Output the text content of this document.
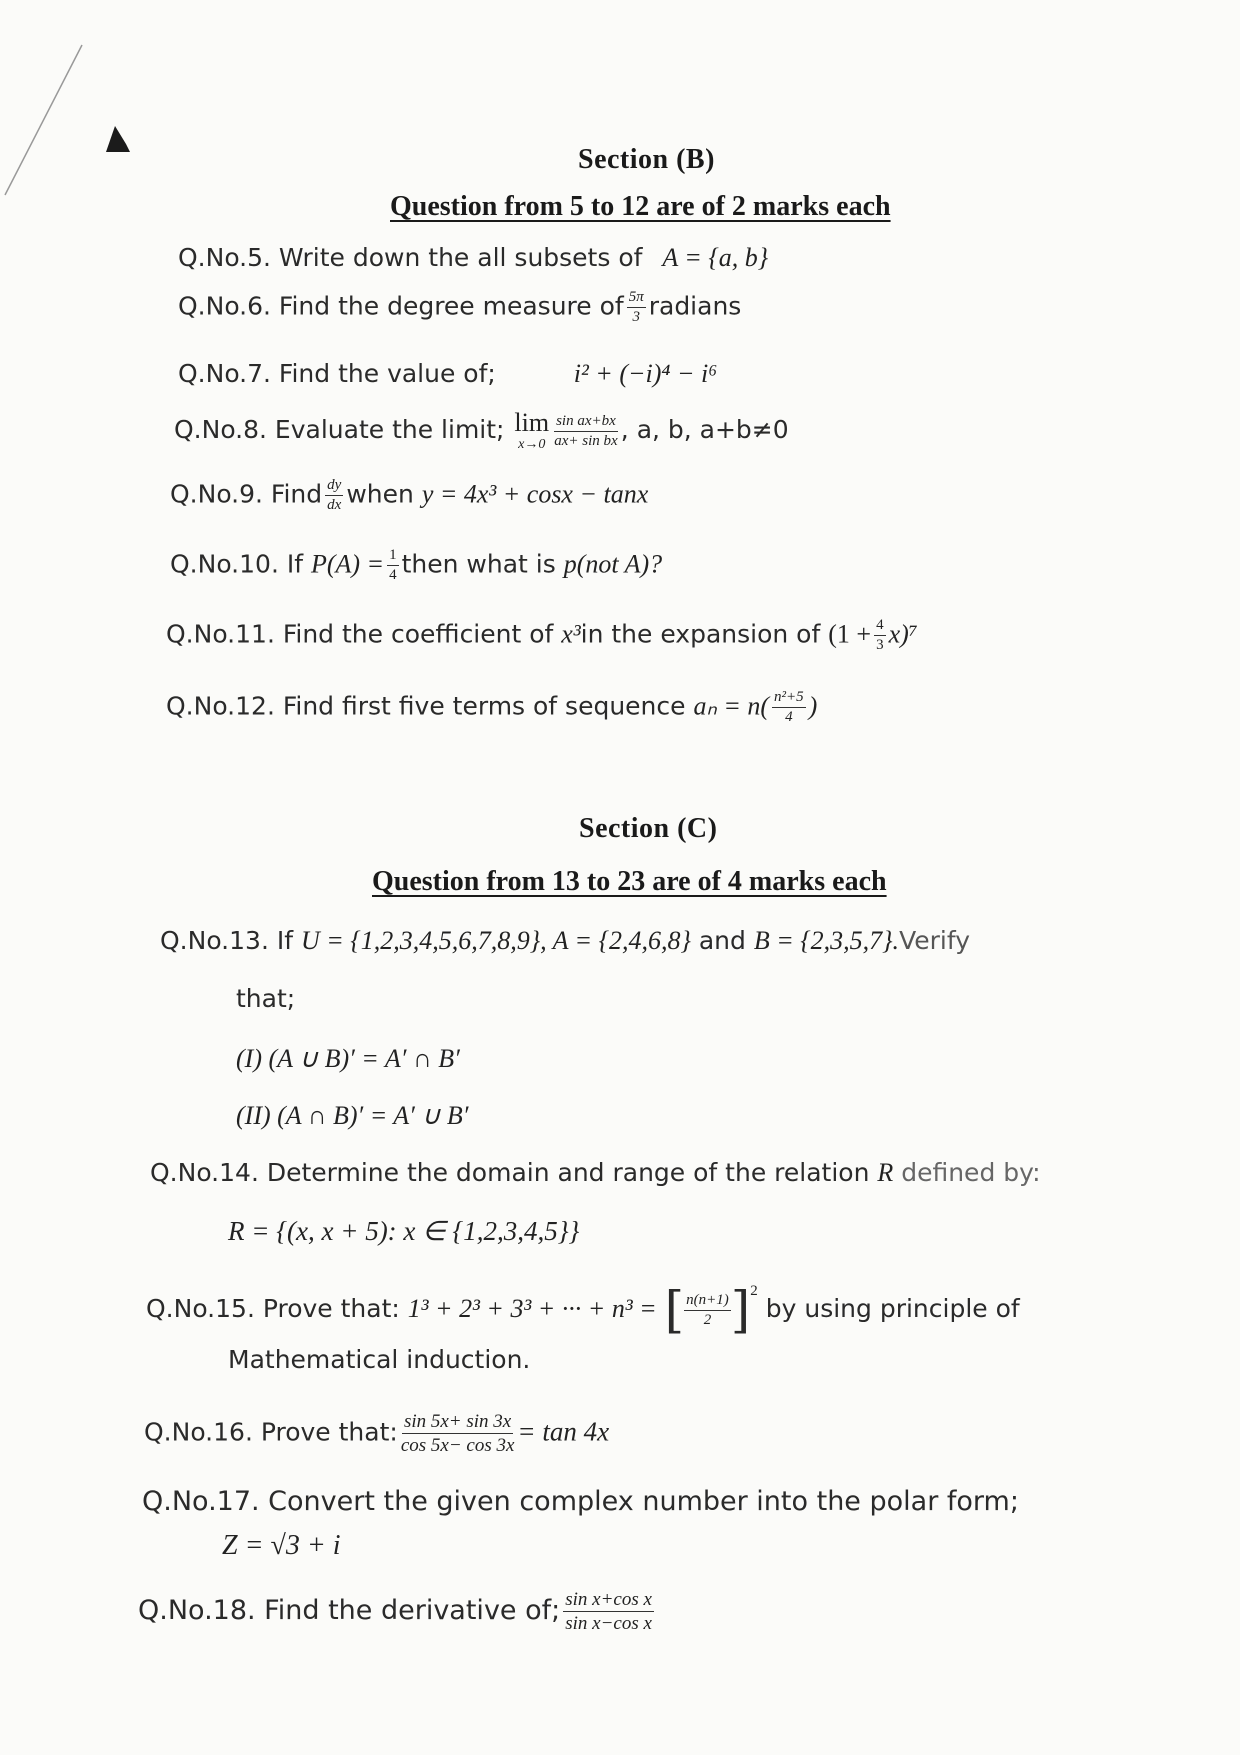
Section (B)
Question from 5 to 12 are of 2 marks each
Q.No.5. Write down the all subsets of A = {a, b}
Q.No.6. Find the degree measure of $\frac{5\pi}{3}$ radians
Q.No.7. Find the value of;	i² + (−i)⁴ − i⁶
Q.No.8. Evaluate the limit; lim
$x\to 0 \frac{\text{sin ax+bx}}{\text{ax+ sin bx}}$ , a, b, a+b≠0
Q.No.9. Find $\frac{dy}{dx}$ when y = 4x³ + cosx − tanx
Q.No.10. If $P(A) = \frac{1}{4}$ then what is p(not A)?
Q.No.11. Find the coefficient of x³in the expansion of $(1 + \frac{4}{3} x)^7$
Q.No.12. Find first five terms of sequence $a_n = n( \frac{\text{n²+5}}{4}$ )
Section (C)
Question from 13 to 23 are of 4 marks each
Q.No.13. If U = {1,2,3,4,5,6,7,8,9}, A = {2,4,6,8} and B = {2,3,5,7}.Verify
that;
(I) (A ∪ B)′ = A′ ∩ B′
(II) (A ∩ B)′ = A′ ∪ B′
Q.No.14. Determine the domain and range of the relation R defined by:
R = {(x, x + 5): x ∈ {1,2,3,4,5}}
Q.No.15. Prove that: 1³ + 2³ + 3³ + ··· + n³ = [ $\frac{n(n+1)}{2} ]^2$ by using principle of
Mathematical induction.
Q.No.16. Prove that: $\frac{\sin 5x+ \sin 3x}{\cos 5x- \cos 3x} = \tan 4x$
Q.No.17. Convert the given complex number into the polar form;
Z = √3 + i
Q.No.18. Find the derivative of; $\frac{\text{sin x+cos x}}{\text{sin x−cos x}}$
